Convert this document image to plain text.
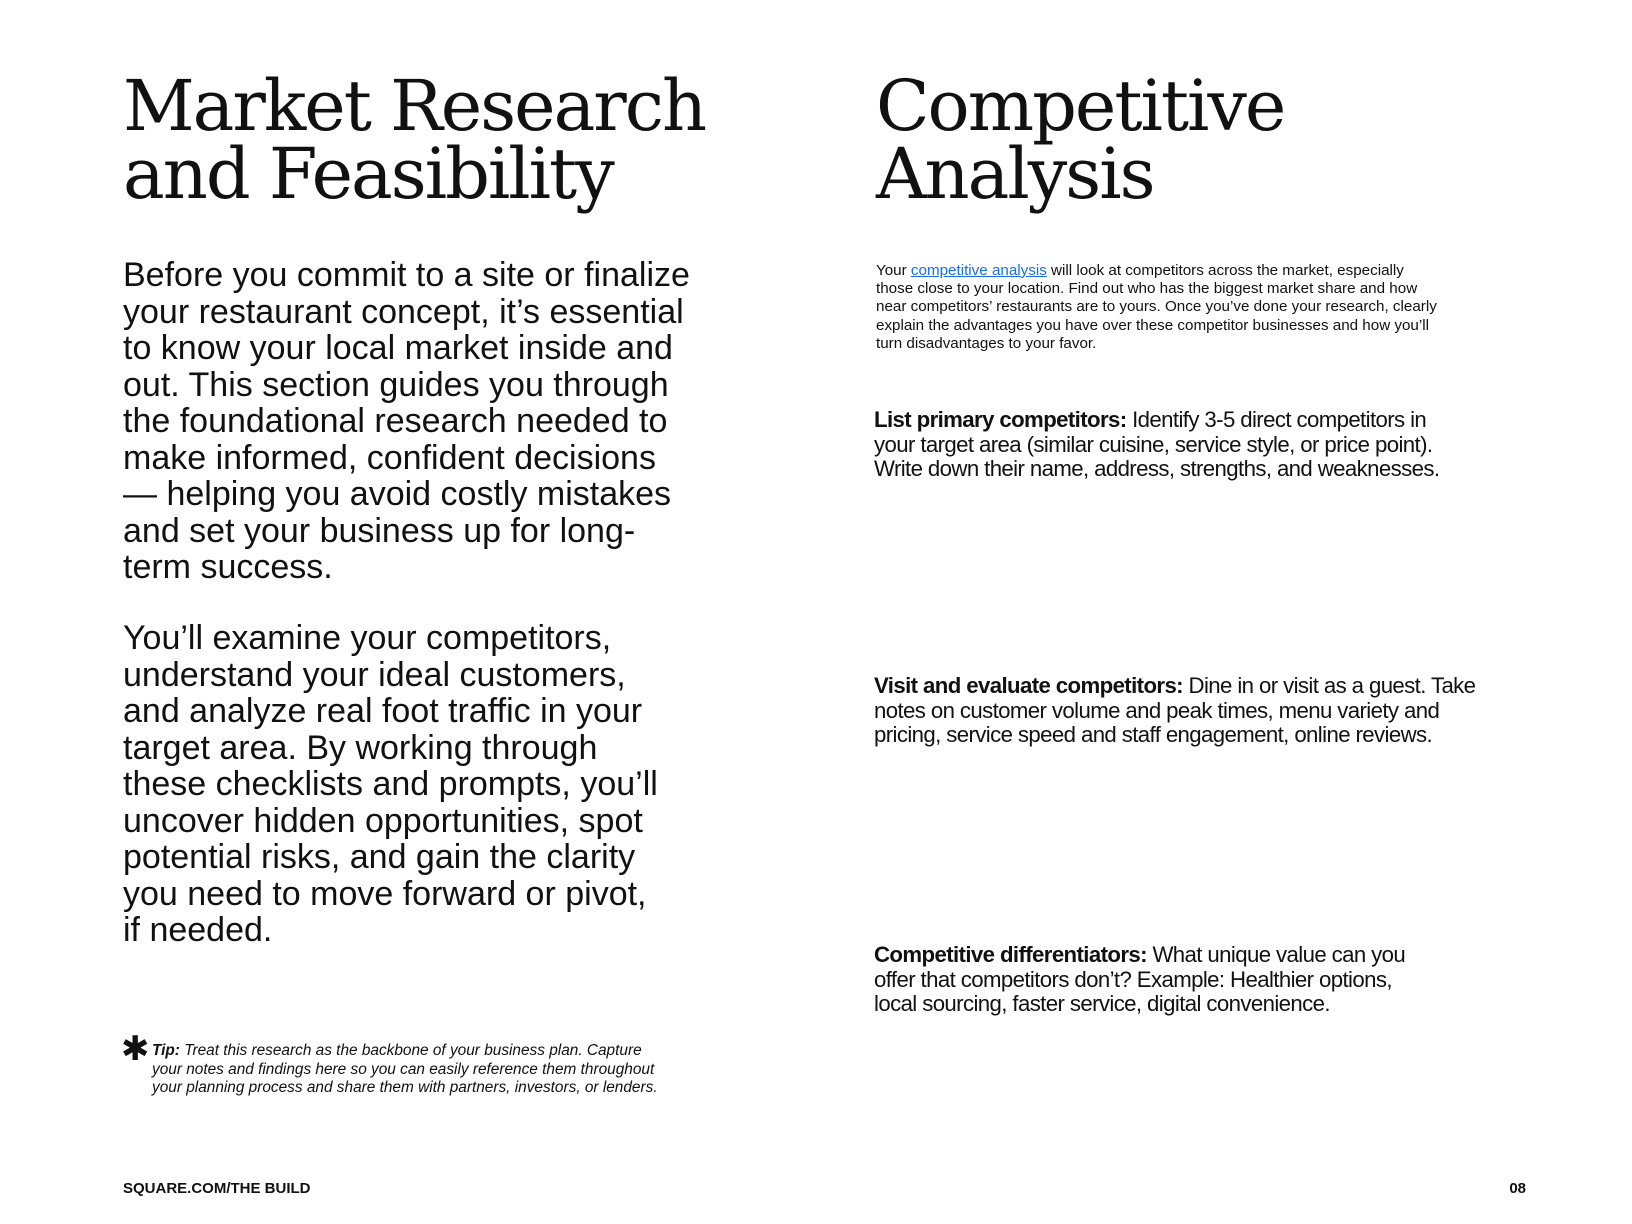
Market Research
and Feasibility

Before you commit to a site or finalize
your restaurant concept, it’s essential
to know your local market inside and
out. This section guides you through
the foundational research needed to
make informed, confident decisions
— helping you avoid costly mistakes
and set your business up for long-
term success.

You’ll examine your competitors,
understand your ideal customers,
and analyze real foot traffic in your
target area. By working through
these checklists and prompts, you’ll
uncover hidden opportunities, spot
potential risks, and gain the clarity
you need to move forward or pivot,
if needed.

✱ Tip: Treat this research as the backbone of your business plan. Capture
your notes and findings here so you can easily reference them throughout
your planning process and share them with partners, investors, or lenders.

Competitive
Analysis

Your competitive analysis will look at competitors across the market, especially
those close to your location. Find out who has the biggest market share and how
near competitors’ restaurants are to yours. Once you’ve done your research, clearly
explain the advantages you have over these competitor businesses and how you’ll
turn disadvantages to your favor.

List primary competitors: Identify 3-5 direct competitors in
your target area (similar cuisine, service style, or price point).
Write down their name, address, strengths, and weaknesses.

Visit and evaluate competitors: Dine in or visit as a guest. Take
notes on customer volume and peak times, menu variety and
pricing, service speed and staff engagement, online reviews.

Competitive differentiators: What unique value can you
offer that competitors don’t? Example: Healthier options,
local sourcing, faster service, digital convenience.

SQUARE.COM/THE BUILD	08
